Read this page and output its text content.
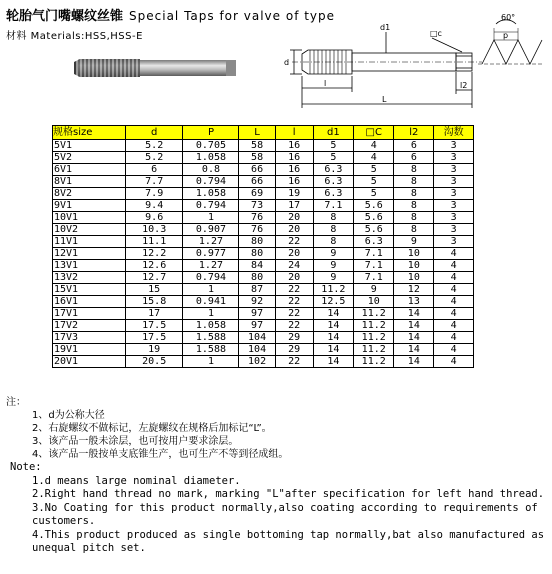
轮胎气门嘴螺纹丝锥 Special Taps for valve of type
材料 Materials:HSS,HSS-E
d
d1
□c
l	l2
L
60°
p
规格size	d	P	L	l	d1	□C	l2	沟数
5V1	5.2	0.705	58	16	5	4	6	3
5V2	5.2	1.058	58	16	5	4	6	3
6V1	6	0.8	66	16	6.3	5	8	3
8V1	7.7	0.794	66	16	6.3	5	8	3
8V2	7.9	1.058	69	19	6.3	5	8	3
9V1	9.4	0.794	73	17	7.1	5.6	8	3
10V1	9.6	1	76	20	8	5.6	8	3
10V2	10.3	0.907	76	20	8	5.6	8	3
11V1	11.1	1.27	80	22	8	6.3	9	3
12V1	12.2	0.977	80	20	9	7.1	10	4
13V1	12.6	1.27	84	24	9	7.1	10	4
13V2	12.7	0.794	80	20	9	7.1	10	4
15V1	15	1	87	22	11.2	9	12	4
16V1	15.8	0.941	92	22	12.5	10	13	4
17V1	17	1	97	22	14	11.2	14	4
17V2	17.5	1.058	97	22	14	11.2	14	4
17V3	17.5	1.588	104	29	14	11.2	14	4
19V1	19	1.588	104	29	14	11.2	14	4
20V1	20.5	1	102	22	14	11.2	14	4
注：
1、d为公称大径
2、右旋螺纹不做标记，左旋螺纹在规格后加标记“L”。
3、该产品一般未涂层，也可按用户要求涂层。
4、该产品一般按单支底锥生产，也可生产不等到径成组。
Note:
1.d means large nominal diameter.
2.Right hand thread no mark, marking "L"after specification for left hand thread.
3.No Coating for this product normally,also coating according to requirements of customers.
4.This product produced as single bottoming tap normally,bat also manufactured as unequal pitch set.
